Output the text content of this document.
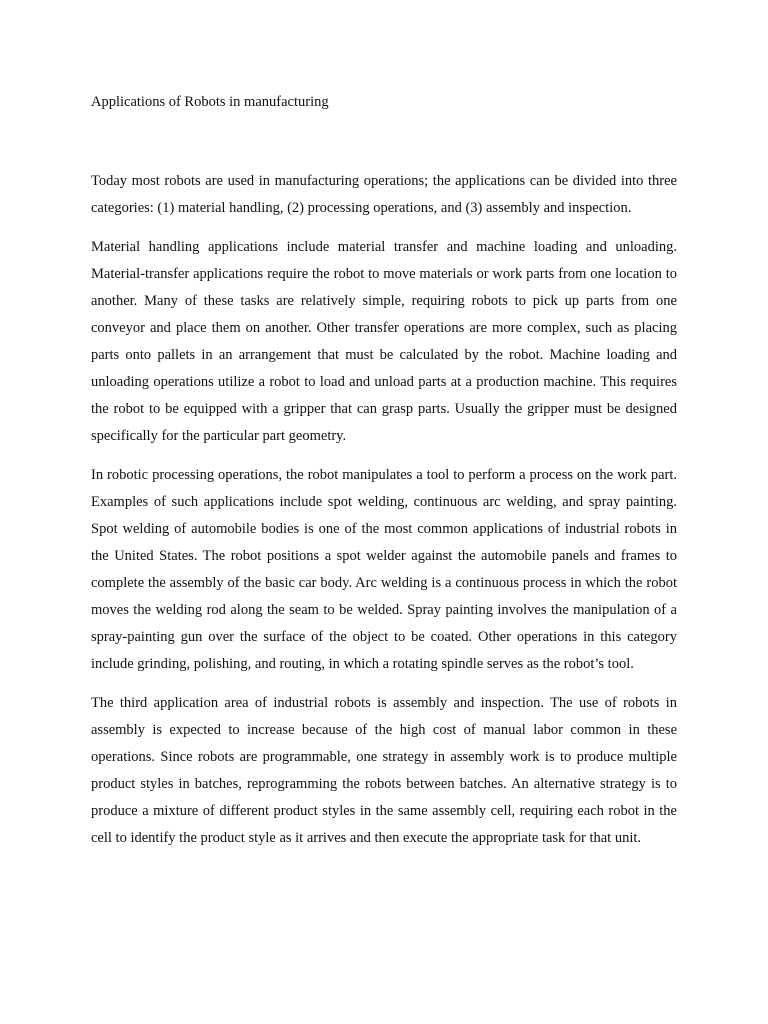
Applications of Robots in manufacturing

Today most robots are used in manufacturing operations; the applications can be divided into three categories: (1) material handling, (2) processing operations, and (3) assembly and inspection.

Material handling applications include material transfer and machine loading and unloading. Material-transfer applications require the robot to move materials or work parts from one location to another. Many of these tasks are relatively simple, requiring robots to pick up parts from one conveyor and place them on another. Other transfer operations are more complex, such as placing parts onto pallets in an arrangement that must be calculated by the robot. Machine loading and unloading operations utilize a robot to load and unload parts at a production machine. This requires the robot to be equipped with a gripper that can grasp parts. Usually the gripper must be designed specifically for the particular part geometry.

In robotic processing operations, the robot manipulates a tool to perform a process on the work part. Examples of such applications include spot welding, continuous arc welding, and spray painting. Spot welding of automobile bodies is one of the most common applications of industrial robots in the United States. The robot positions a spot welder against the automobile panels and frames to complete the assembly of the basic car body. Arc welding is a continuous process in which the robot moves the welding rod along the seam to be welded. Spray painting involves the manipulation of a spray-painting gun over the surface of the object to be coated. Other operations in this category include grinding, polishing, and routing, in which a rotating spindle serves as the robot’s tool.

The third application area of industrial robots is assembly and inspection. The use of robots in assembly is expected to increase because of the high cost of manual labor common in these operations. Since robots are programmable, one strategy in assembly work is to produce multiple product styles in batches, reprogramming the robots between batches. An alternative strategy is to produce a mixture of different product styles in the same assembly cell, requiring each robot in the cell to identify the product style as it arrives and then execute the appropriate task for that unit.
